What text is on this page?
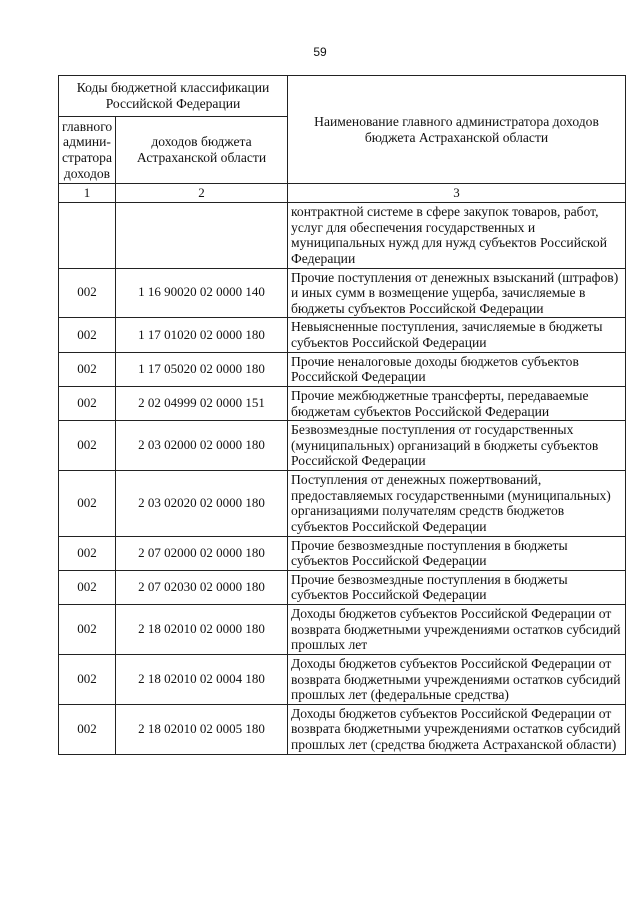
59
Коды бюджетной классификации Российской Федерации		Наименование главного администратора доходов бюджета Астраханской области
главного админи-стратора доходов	доходов бюджета Астраханской области	
1	2	3
		контрактной системе в сфере закупок товаров, работ, услуг для обеспечения государственных и муниципальных нужд для нужд субъектов Российской Федерации
002	1 16 90020 02 0000 140	Прочие поступления от денежных взысканий (штрафов) и иных сумм в возмещение ущерба, зачисляемые в бюджеты субъектов Российской Федерации
002	1 17 01020 02 0000 180	Невыясненные поступления, зачисляемые в бюджеты субъектов Российской Федерации
002	1 17 05020 02 0000 180	Прочие неналоговые доходы бюджетов субъектов Российской Федерации
002	2 02 04999 02 0000 151	Прочие межбюджетные трансферты, передаваемые бюджетам субъектов Российской Федерации
002	2 03 02000 02 0000 180	Безвозмездные поступления от государственных (муниципальных) организаций в бюджеты субъектов Российской Федерации
002	2 03 02020 02 0000 180	Поступления от денежных пожертвований, предоставляемых государственными (муниципальных) организациями получателям средств бюджетов субъектов Российской Федерации
002	2 07 02000 02 0000 180	Прочие безвозмездные поступления в бюджеты субъектов Российской Федерации
002	2 07 02030 02 0000 180	Прочие безвозмездные поступления в бюджеты субъектов Российской Федерации
002	2 18 02010 02 0000 180	Доходы бюджетов субъектов Российской Федерации от возврата бюджетными учреждениями остатков субсидий прошлых лет
002	2 18 02010 02 0004 180	Доходы бюджетов субъектов Российской Федерации от возврата бюджетными учреждениями остатков субсидий прошлых лет (федеральные средства)
002	2 18 02010 02 0005 180	Доходы бюджетов субъектов Российской Федерации от возврата бюджетными учреждениями остатков субсидий прошлых лет (средства бюджета Астраханской области)
